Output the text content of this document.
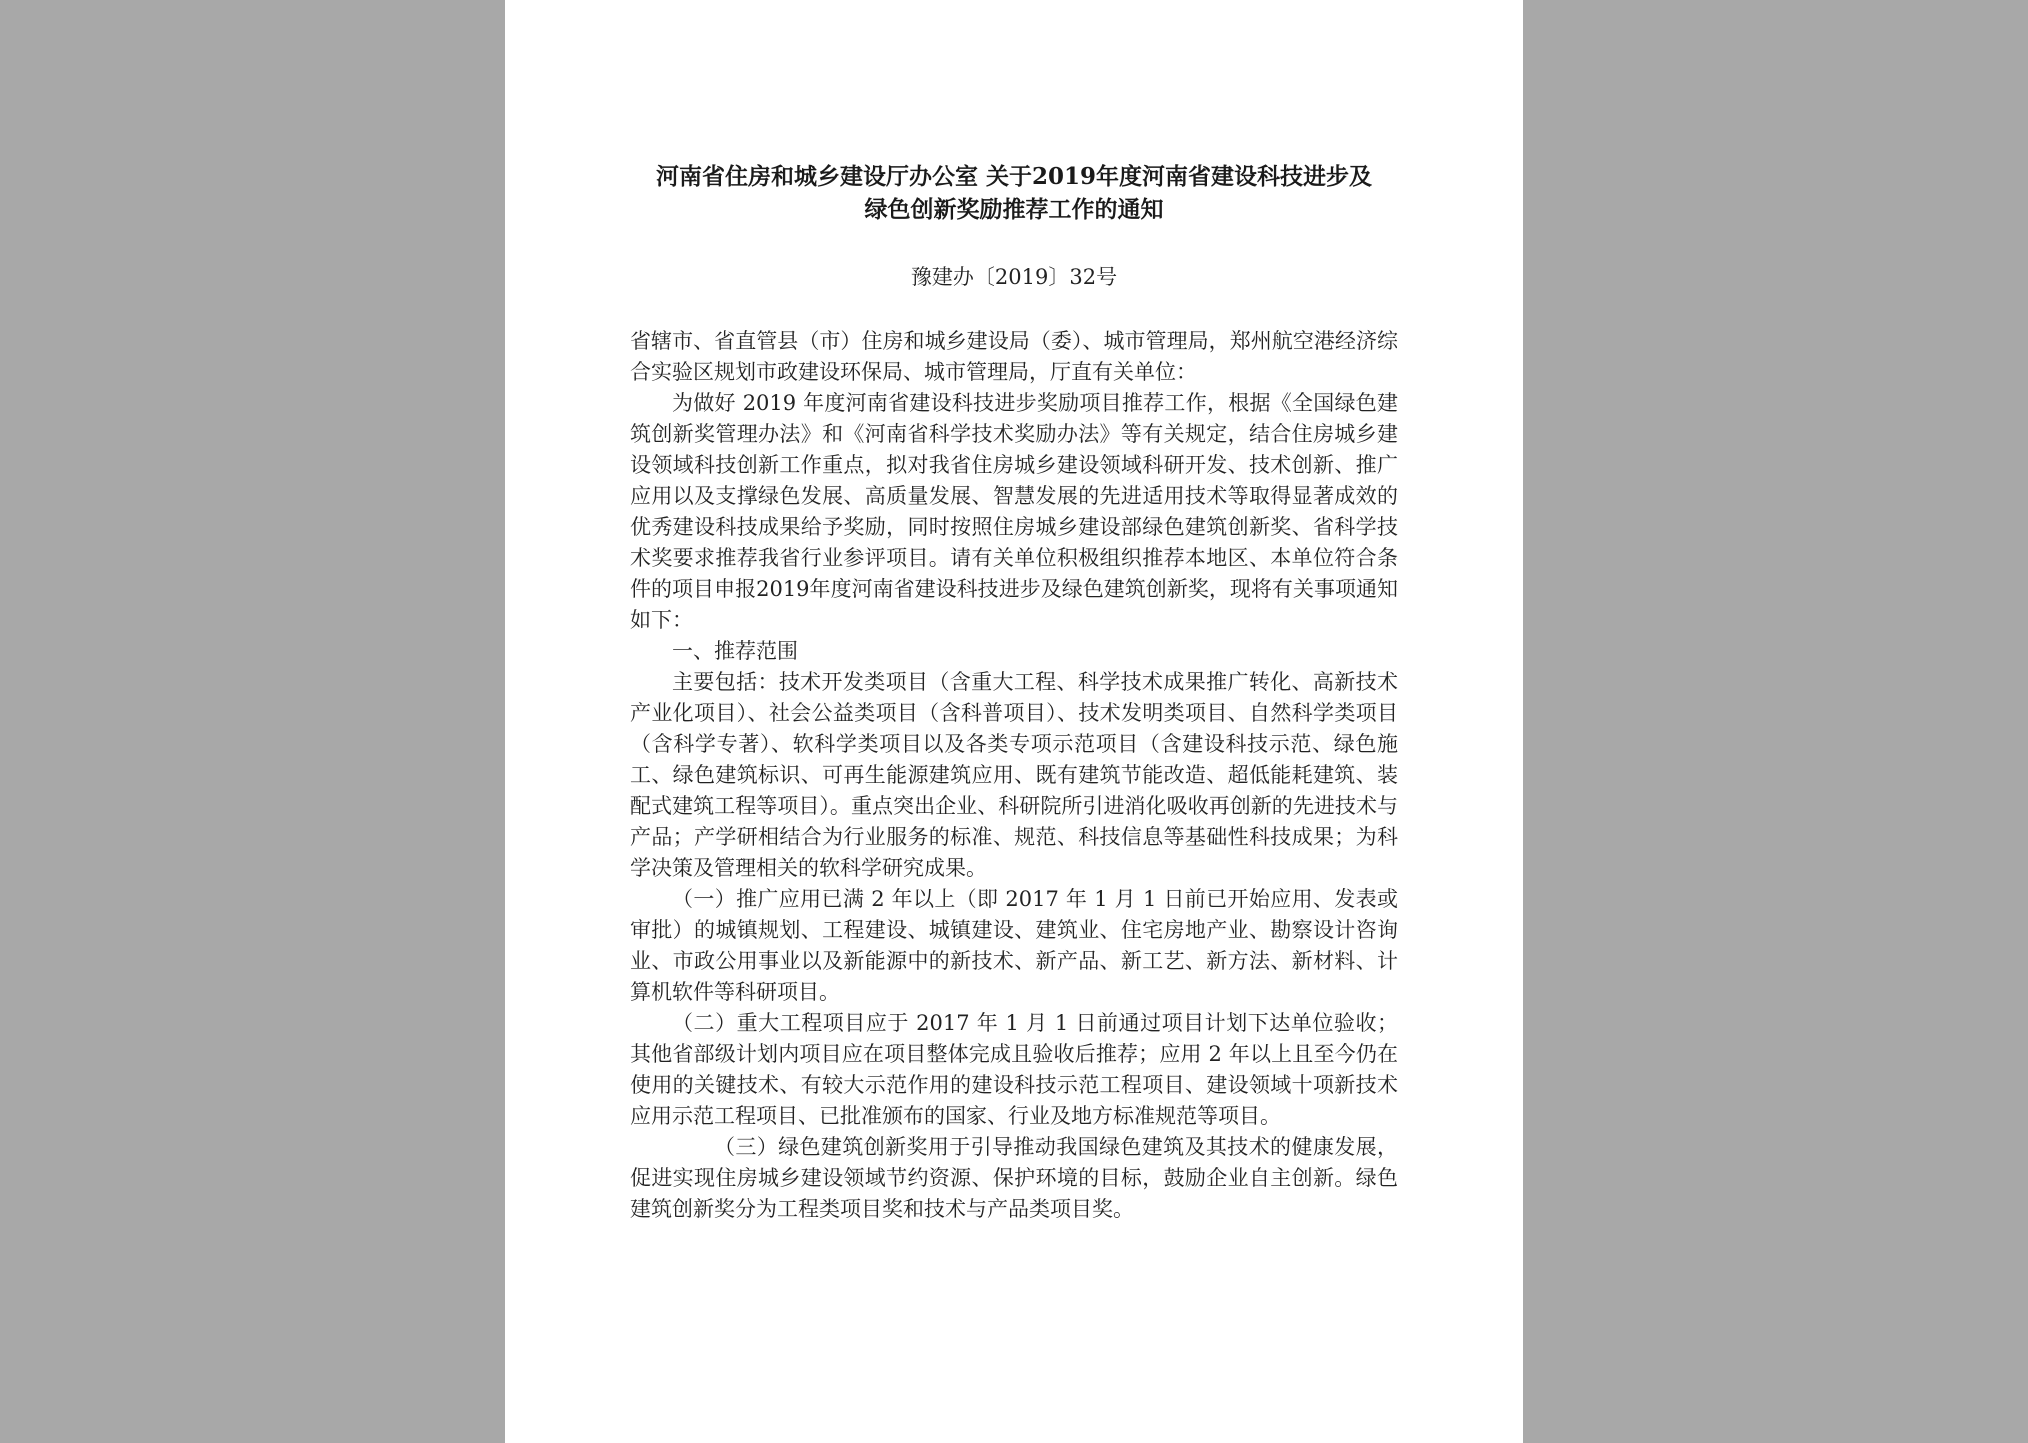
河南省住房和城乡建设厅办公室 关于2019年度河南省建设科技进步及
绿色创新奖励推荐工作的通知
豫建办〔2019〕32号

省辖市、省直管县（市）住房和城乡建设局（委）、城市管理局，郑州航空港经济综合实验区规划市政建设环保局、城市管理局，厅直有关单位：

为做好 2019 年度河南省建设科技进步奖励项目推荐工作，根据《全国绿色建筑创新奖管理办法》和《河南省科学技术奖励办法》等有关规定，结合住房城乡建设领域科技创新工作重点，拟对我省住房城乡建设领域科研开发、技术创新、推广应用以及支撑绿色发展、高质量发展、智慧发展的先进适用技术等取得显著成效的优秀建设科技成果给予奖励，同时按照住房城乡建设部绿色建筑创新奖、省科学技术奖要求推荐我省行业参评项目。请有关单位积极组织推荐本地区、本单位符合条件的项目申报2019年度河南省建设科技进步及绿色建筑创新奖，现将有关事项通知如下：

一、推荐范围

主要包括：技术开发类项目（含重大工程、科学技术成果推广转化、高新技术产业化项目）、社会公益类项目（含科普项目）、技术发明类项目、自然科学类项目（含科学专著）、软科学类项目以及各类专项示范项目（含建设科技示范、绿色施工、绿色建筑标识、可再生能源建筑应用、既有建筑节能改造、超低能耗建筑、装配式建筑工程等项目）。重点突出企业、科研院所引进消化吸收再创新的先进技术与产品；产学研相结合为行业服务的标准、规范、科技信息等基础性科技成果；为科学决策及管理相关的软科学研究成果。

（一）推广应用已满 2 年以上（即 2017 年 1 月 1 日前已开始应用、发表或审批）的城镇规划、工程建设、城镇建设、建筑业、住宅房地产业、勘察设计咨询业、市政公用事业以及新能源中的新技术、新产品、新工艺、新方法、新材料、计算机软件等科研项目。

（二）重大工程项目应于 2017 年 1 月 1 日前通过项目计划下达单位验收；其他省部级计划内项目应在项目整体完成且验收后推荐；应用 2 年以上且至今仍在使用的关键技术、有较大示范作用的建设科技示范工程项目、建设领域十项新技术应用示范工程项目、已批准颁布的国家、行业及地方标准规范等项目。

（三）绿色建筑创新奖用于引导推动我国绿色建筑及其技术的健康发展，促进实现住房城乡建设领域节约资源、保护环境的目标，鼓励企业自主创新。绿色建筑创新奖分为工程类项目奖和技术与产品类项目奖。
